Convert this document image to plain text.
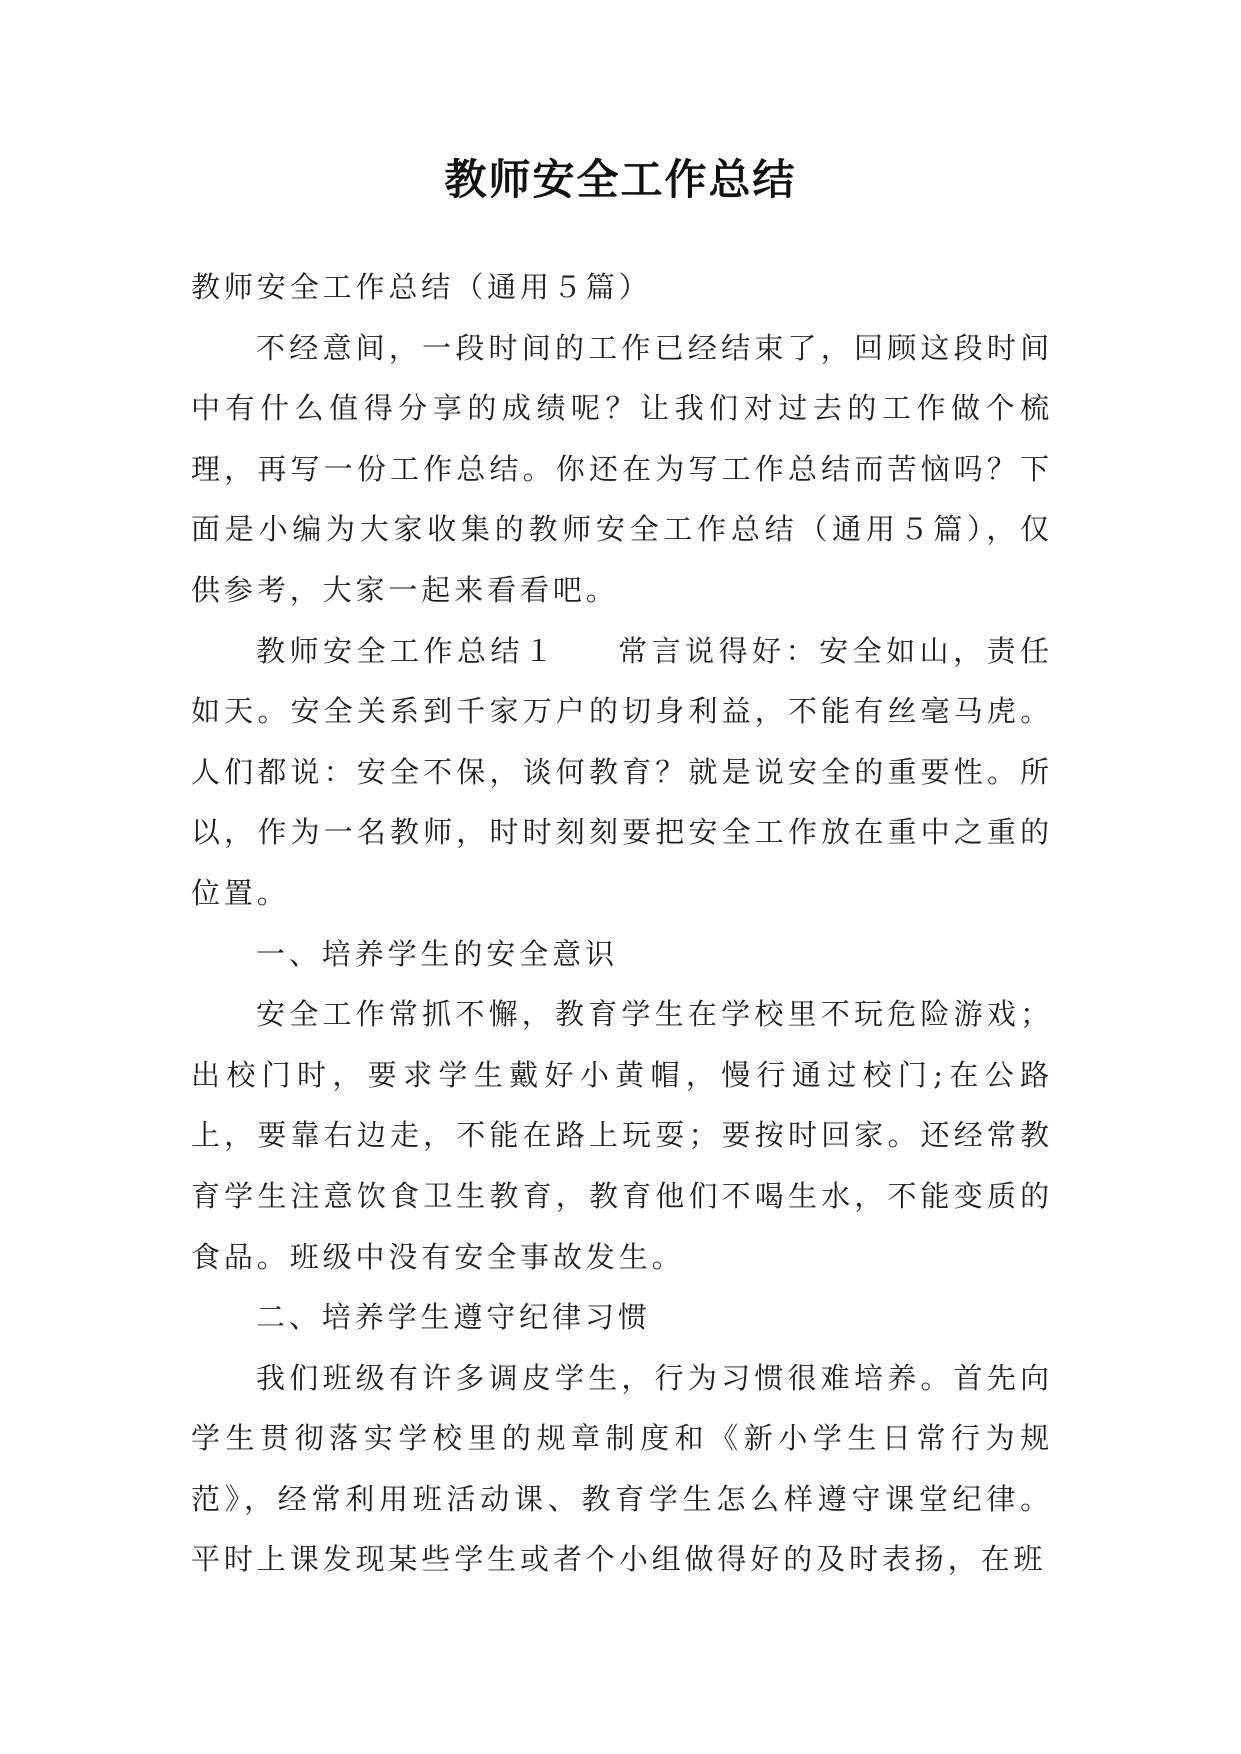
教师安全工作总结

教师安全工作总结（通用５篇）

不经意间，一段时间的工作已经结束了，回顾这段时间中有什么值得分享的成绩呢？让我们对过去的工作做个梳理，再写一份工作总结。你还在为写工作总结而苦恼吗？下面是小编为大家收集的教师安全工作总结（通用５篇），仅供参考，大家一起来看看吧。

教师安全工作总结１ 常言说得好：安全如山，责任如天。安全关系到千家万户的切身利益，不能有丝毫马虎。人们都说：安全不保，谈何教育？就是说安全的重要性。所以，作为一名教师，时时刻刻要把安全工作放在重中之重的位置。

一、培养学生的安全意识

安全工作常抓不懈，教育学生在学校里不玩危险游戏；出校门时，要求学生戴好小黄帽，慢行通过校门;在公路上，要靠右边走，不能在路上玩耍；要按时回家。还经常教育学生注意饮食卫生教育，教育他们不喝生水，不能变质的食品。班级中没有安全事故发生。

二、培养学生遵守纪律习惯

我们班级有许多调皮学生，行为习惯很难培养。首先向学生贯彻落实学校里的规章制度和《新小学生日常行为规范》，经常利用班活动课、教育学生怎么样遵守课堂纪律。平时上课发现某些学生或者个小组做得好的及时表扬，在班
